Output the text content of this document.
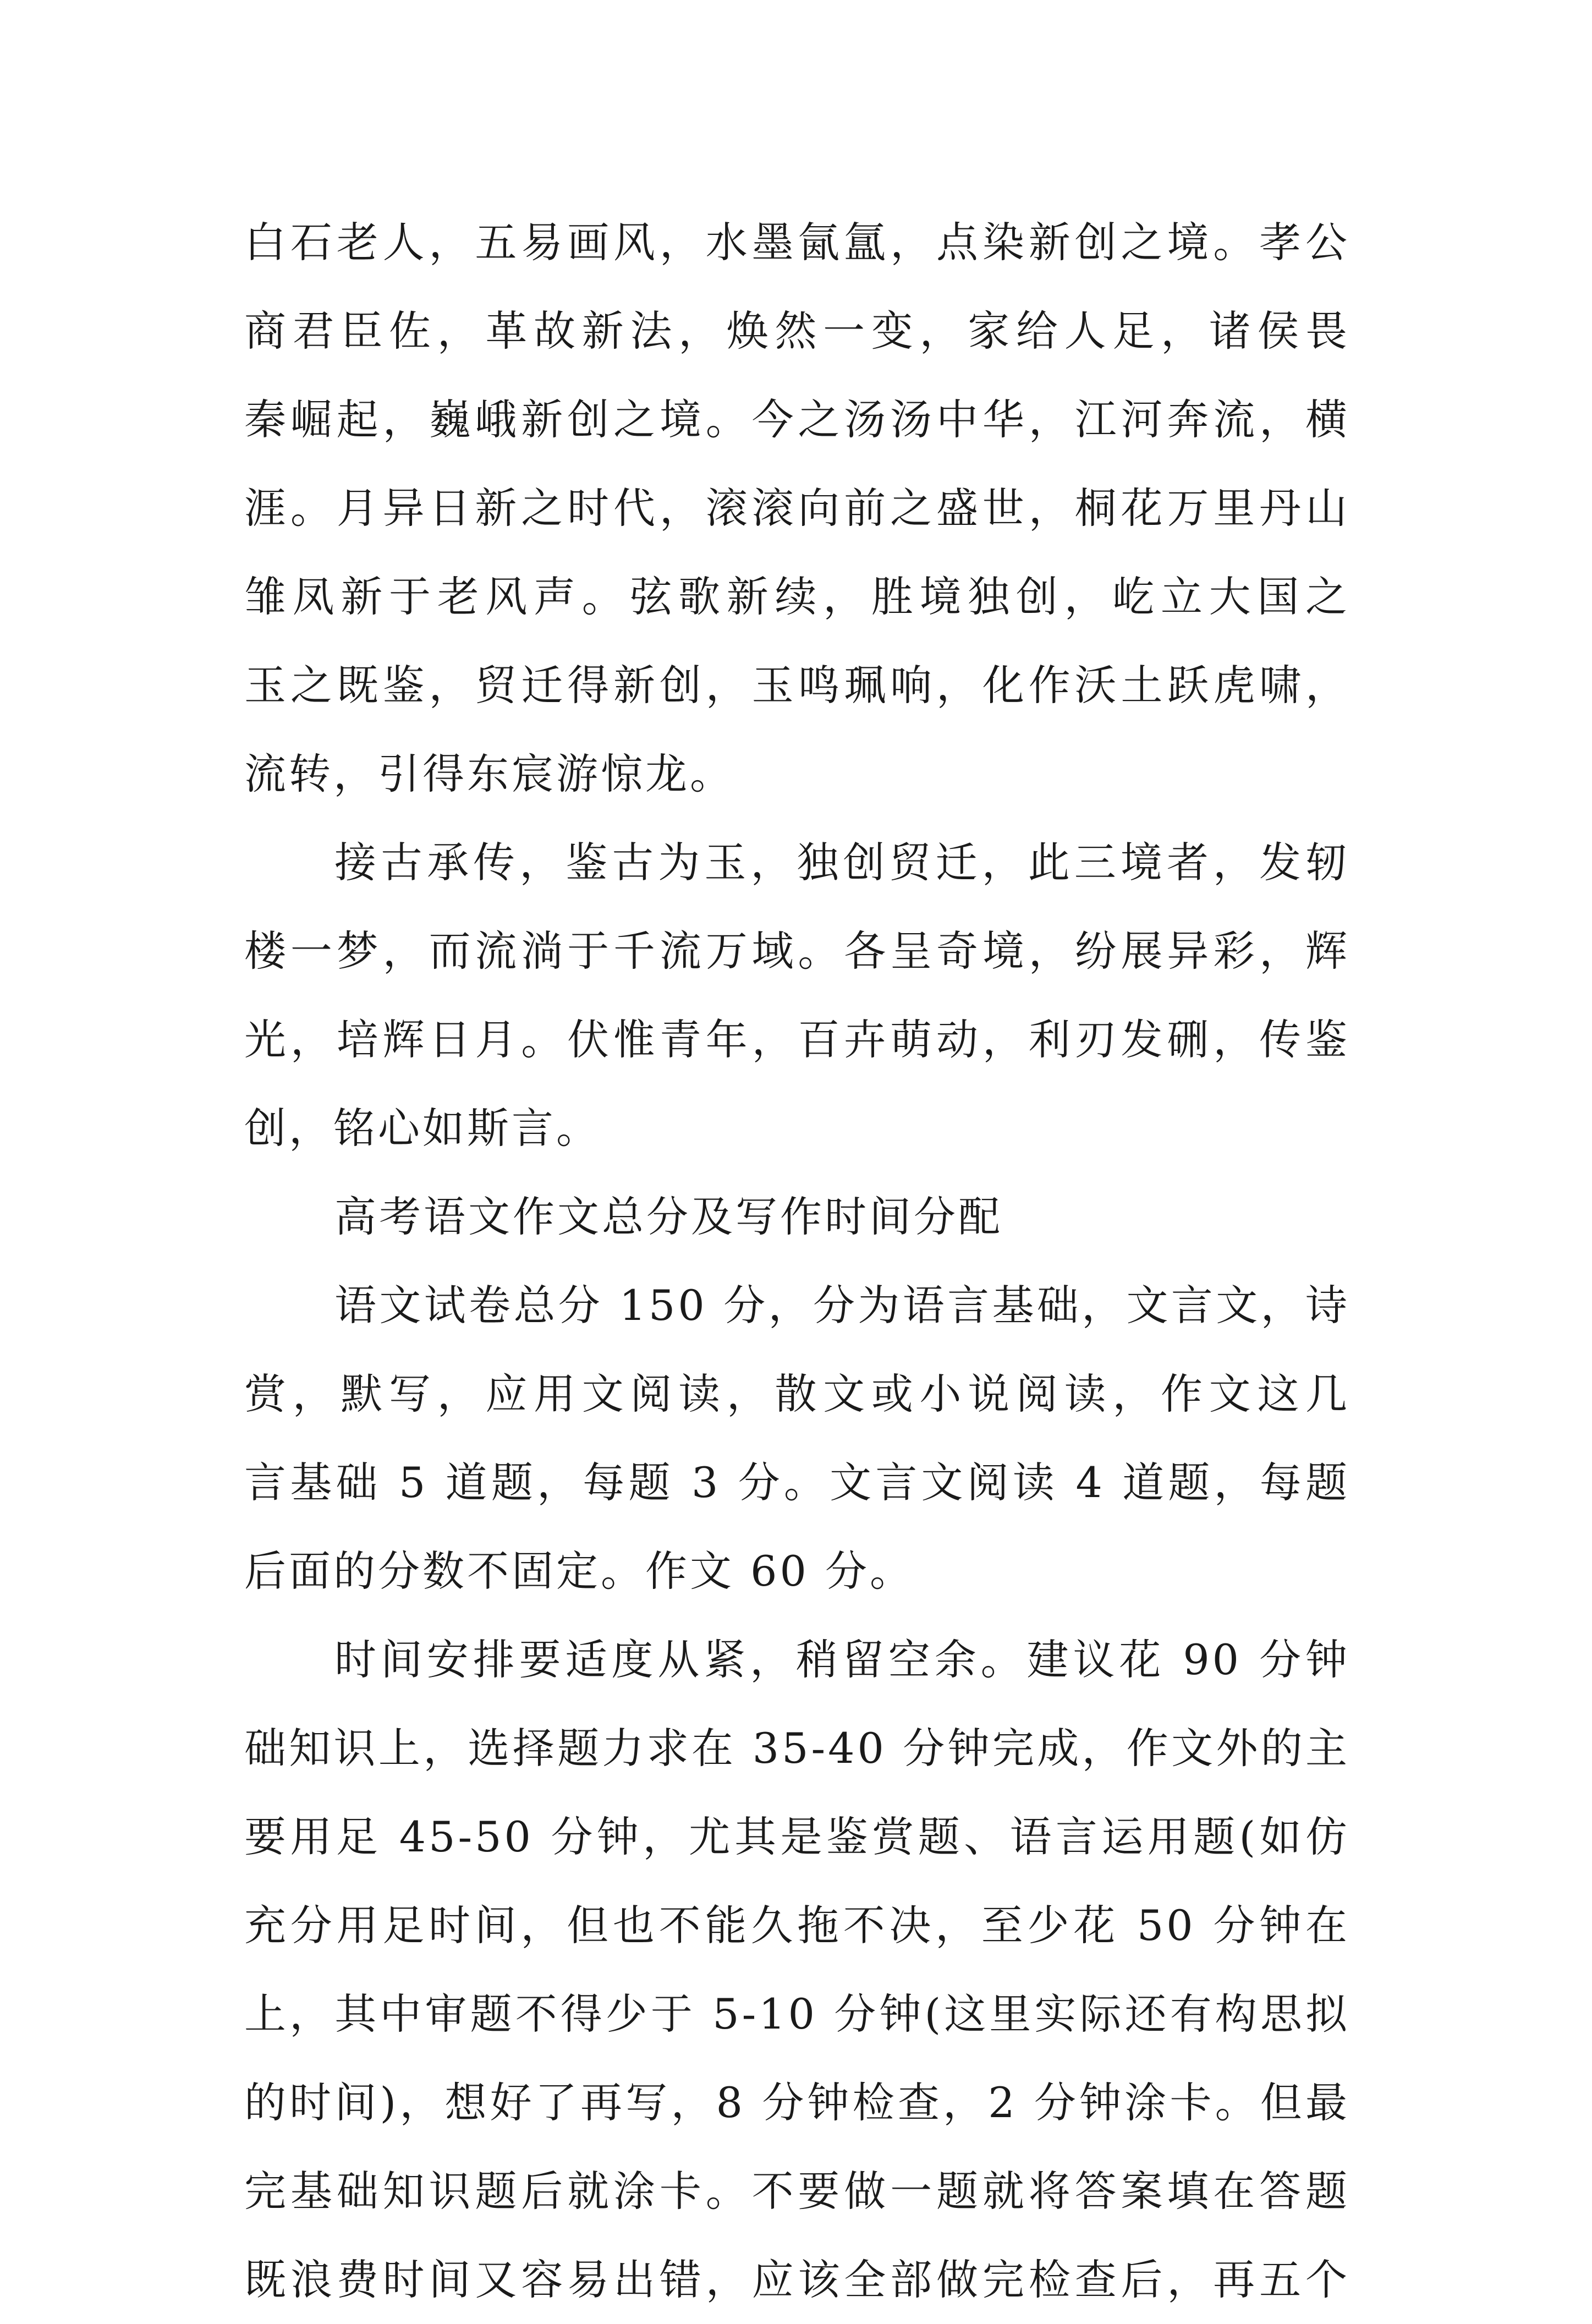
白石老人，五易画风，水墨氤氲，点染新创之境。孝公
商君臣佐，革故新法，焕然一变，家给人足，诸侯畏
秦崛起，巍峨新创之境。今之汤汤中华，江河奔流，横
涯。月异日新之时代，滚滚向前之盛世，桐花万里丹山
雏凤新于老风声。弦歌新续，胜境独创，屹立大国之
玉之既鉴，贸迁得新创，玉鸣珮响，化作沃土跃虎啸，
流转，引得东宸游惊龙。
接古承传，鉴古为玉，独创贸迁，此三境者，发轫
楼一梦，而流淌于千流万域。各呈奇境，纷展异彩，辉
光，培辉日月。伏惟青年，百卉萌动，利刃发硎，传鉴
创，铭心如斯言。
高考语文作文总分及写作时间分配
语文试卷总分 150 分，分为语言基础，文言文，诗
赏，默写，应用文阅读，散文或小说阅读，作文这几
言基础 5 道题，每题 3 分。文言文阅读 4 道题，每题
后面的分数不固定。作文 60 分。
时间安排要适度从紧，稍留空余。建议花 90 分钟
础知识上，选择题力求在 35-40 分钟完成，作文外的主
要用足 45-50 分钟，尤其是鉴赏题、语言运用题(如仿
充分用足时间，但也不能久拖不决，至少花 50 分钟在
上，其中审题不得少于 5-10 分钟(这里实际还有构思拟
的时间)，想好了再写，8 分钟检查，2 分钟涂卡。但最
完基础知识题后就涂卡。不要做一题就将答案填在答题
既浪费时间又容易出错，应该全部做完检查后，再五个
